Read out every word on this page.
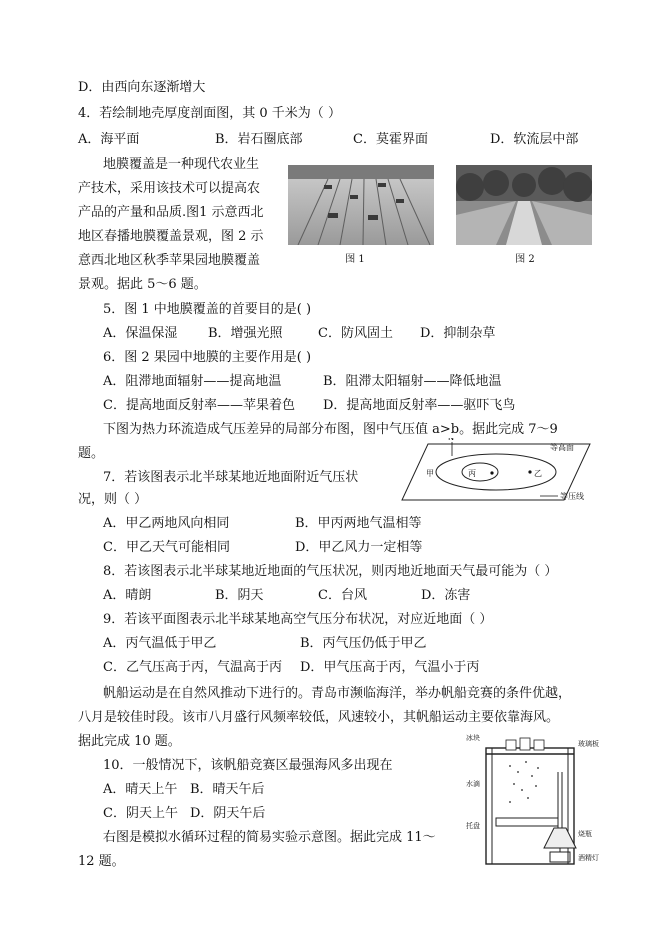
D．由西向东逐渐增大
4．若绘制地壳厚度剖面图，其 0 千米为（ ）
A．海平面	B．岩石圈底部	C．莫霍界面	D．软流层中部
地膜覆盖是一种现代农业生
产技术，采用该技术可以提高农
产品的产量和品质.图1 示意西北
地区春播地膜覆盖景观，图 2 示
意西北地区秋季苹果园地膜覆盖
景观。据此 5～6 题。
图 1	图 2
5．图 1 中地膜覆盖的首要目的是( )
A．保温保湿 B．增强光照	C．防风固土 D．抑制杂草
6．图 2 果园中地膜的主要作用是( )
A．阻滞地面辐射——提高地温	B．阻滞太阳辐射——降低地温
C．提高地面反射率——苹果着色 D．提高地面反射率——驱吓飞鸟
下图为热力环流造成气压差异的局部分布图，图中气压值 a>b。据此完成 7～9
题。	等高面
甲	丙	乙
等压线
7．若该图表示北半球某地近地面附近气压状
况，则（ ）
A．甲乙两地风向相同	B．甲丙两地气温相等
C．甲乙天气可能相同	D．甲乙风力一定相等
8．若该图表示北半球某地近地面的气压状况，则丙地近地面天气最可能为（ ）
A．晴朗	B．阴天	C．台风	D．冻害
9．若该平面图表示北半球某地高空气压分布状况，对应近地面（ ）
A．丙气温低于甲乙	B．丙气压仍低于甲乙
C．乙气压高于丙，气温高于丙 D．甲气压高于丙，气温小于丙
帆船运动是在自然风推动下进行的。青岛市濒临海洋，举办帆船竞赛的条件优越，
八月是较佳时段。该市八月盛行风频率较低，风速较小，其帆船运动主要依靠海风。
据此完成 10 题。
10．一般情况下，该帆船竞赛区最强海风多出现在
A．晴天上午 B．晴天午后
C．阴天上午 D．阴天午后
右图是模拟水循环过程的简易实验示意图。据此完成 11～
12 题。
冰块
玻璃板
水滴
烧瓶
托盘
酒精灯
